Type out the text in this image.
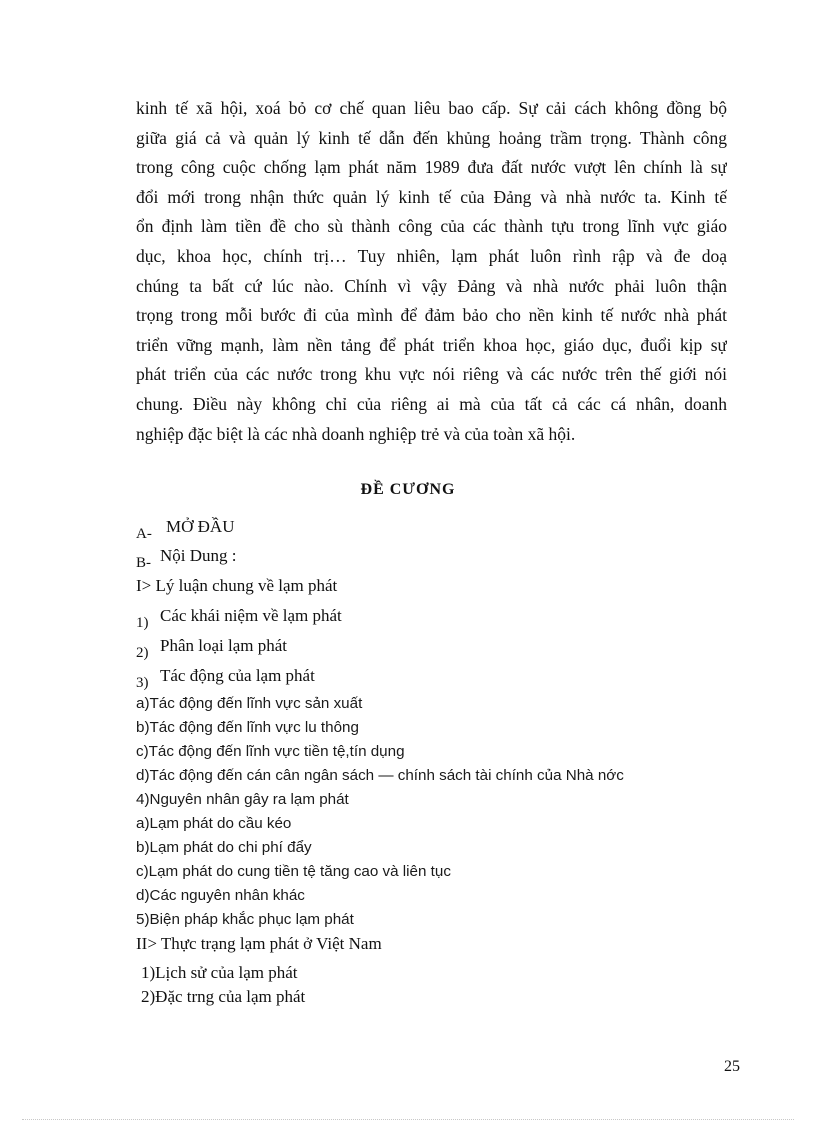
kinh tế xã hội, xoá bỏ cơ chế quan liêu bao cấp. Sự cải cách không đồng bộ
giữa giá cả và quản lý kinh tế dẫn đến khủng hoảng trầm trọng. Thành công
trong công cuộc chống lạm phát năm 1989 đưa đất nước vượt lên chính là sự
đổi mới trong nhận thức quản lý kinh tế của Đảng và nhà nước ta. Kinh tế
ổn định làm tiền đề cho sù thành công của các thành tựu trong lĩnh vực giáo
dục, khoa học, chính trị… Tuy nhiên, lạm phát luôn rình rập và đe doạ
chúng ta bất cứ lúc nào. Chính vì vậy Đảng và nhà nước phải luôn thận
trọng trong mỗi bước đi của mình để đảm bảo cho nền kinh tế nước nhà phát
triển vững mạnh, làm nền tảng để phát triển khoa học, giáo dục, đuổi kịp sự
phát triển của các nước trong khu vực nói riêng và các nước trên thế giới nói
chung. Điều này không chỉ của riêng ai mà của tất cả các cá nhân, doanh
nghiệp đặc biệt là các nhà doanh nghiệp trẻ và của toàn xã hội.
ĐỀ CƯƠNG
A- MỞ ĐẦU
B- Nội Dung :
I> Lý luận chung về lạm phát
1) Các khái niệm về lạm phát
2) Phân loại lạm phát
3) Tác động của lạm phát
a)Tác động đến lĩnh vực sản xuất
b)Tác động đến lĩnh vực lu thông
c)Tác động đến lĩnh vực tiền tệ,tín dụng
d)Tác động đến cán cân ngân sách — chính sách tài chính của Nhà nớc
4)Nguyên nhân gây ra lạm phát
a)Lạm phát do cầu kéo
b)Lạm phát do chi phí đẩy
c)Lạm phát do cung tiền tệ tăng cao và liên tục
d)Các nguyên nhân khác
5)Biện pháp khắc phục lạm phát
II> Thực trạng lạm phát ở Việt Nam
1)Lịch sử của lạm phát
2)Đặc trng của lạm phát
25
